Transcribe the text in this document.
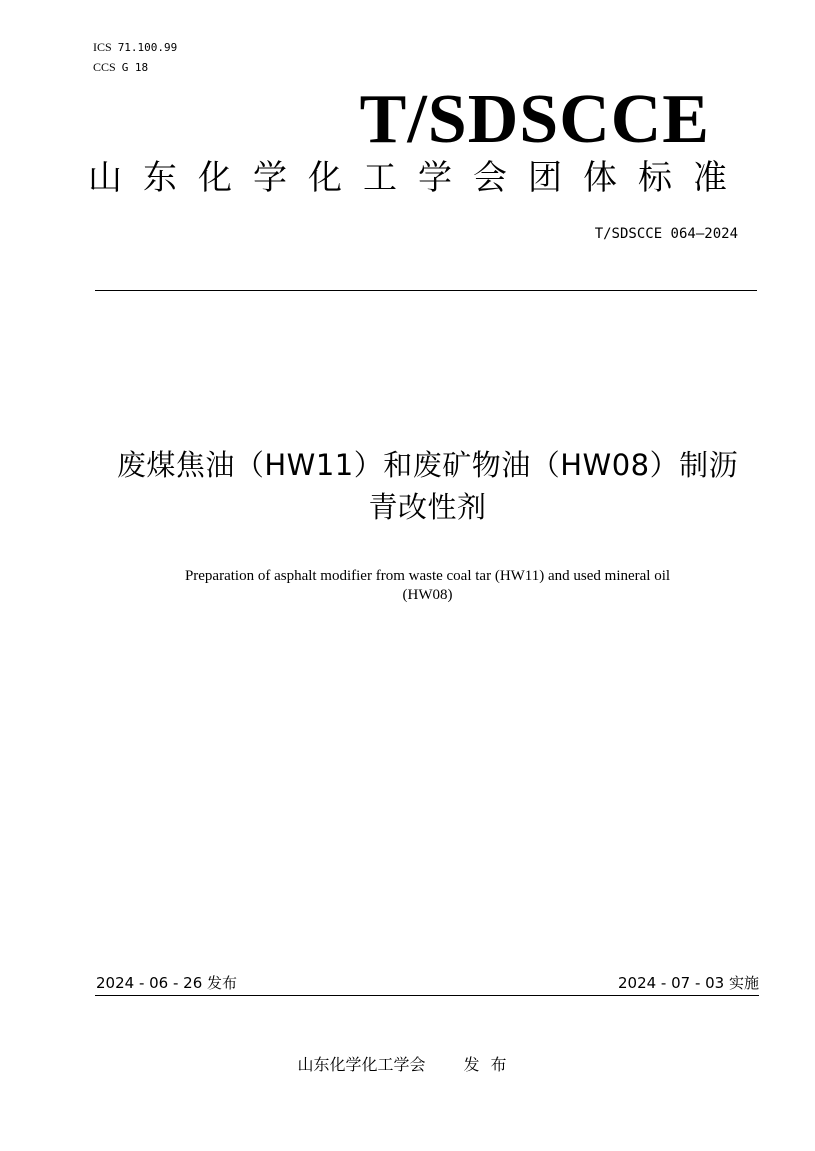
ICS 71.100.99
CCS G 18
T/SDSCCE
山东化学化工学会团体标准
T/SDSCCE 064—2024
废煤焦油（HW11）和废矿物油（HW08）制沥
青改性剂
Preparation of asphalt modifier from waste coal tar (HW11) and used mineral oil
(HW08)
2024 - 06 - 26 发布	2024 - 07 - 03 实施
山东化学化工学会 发布
